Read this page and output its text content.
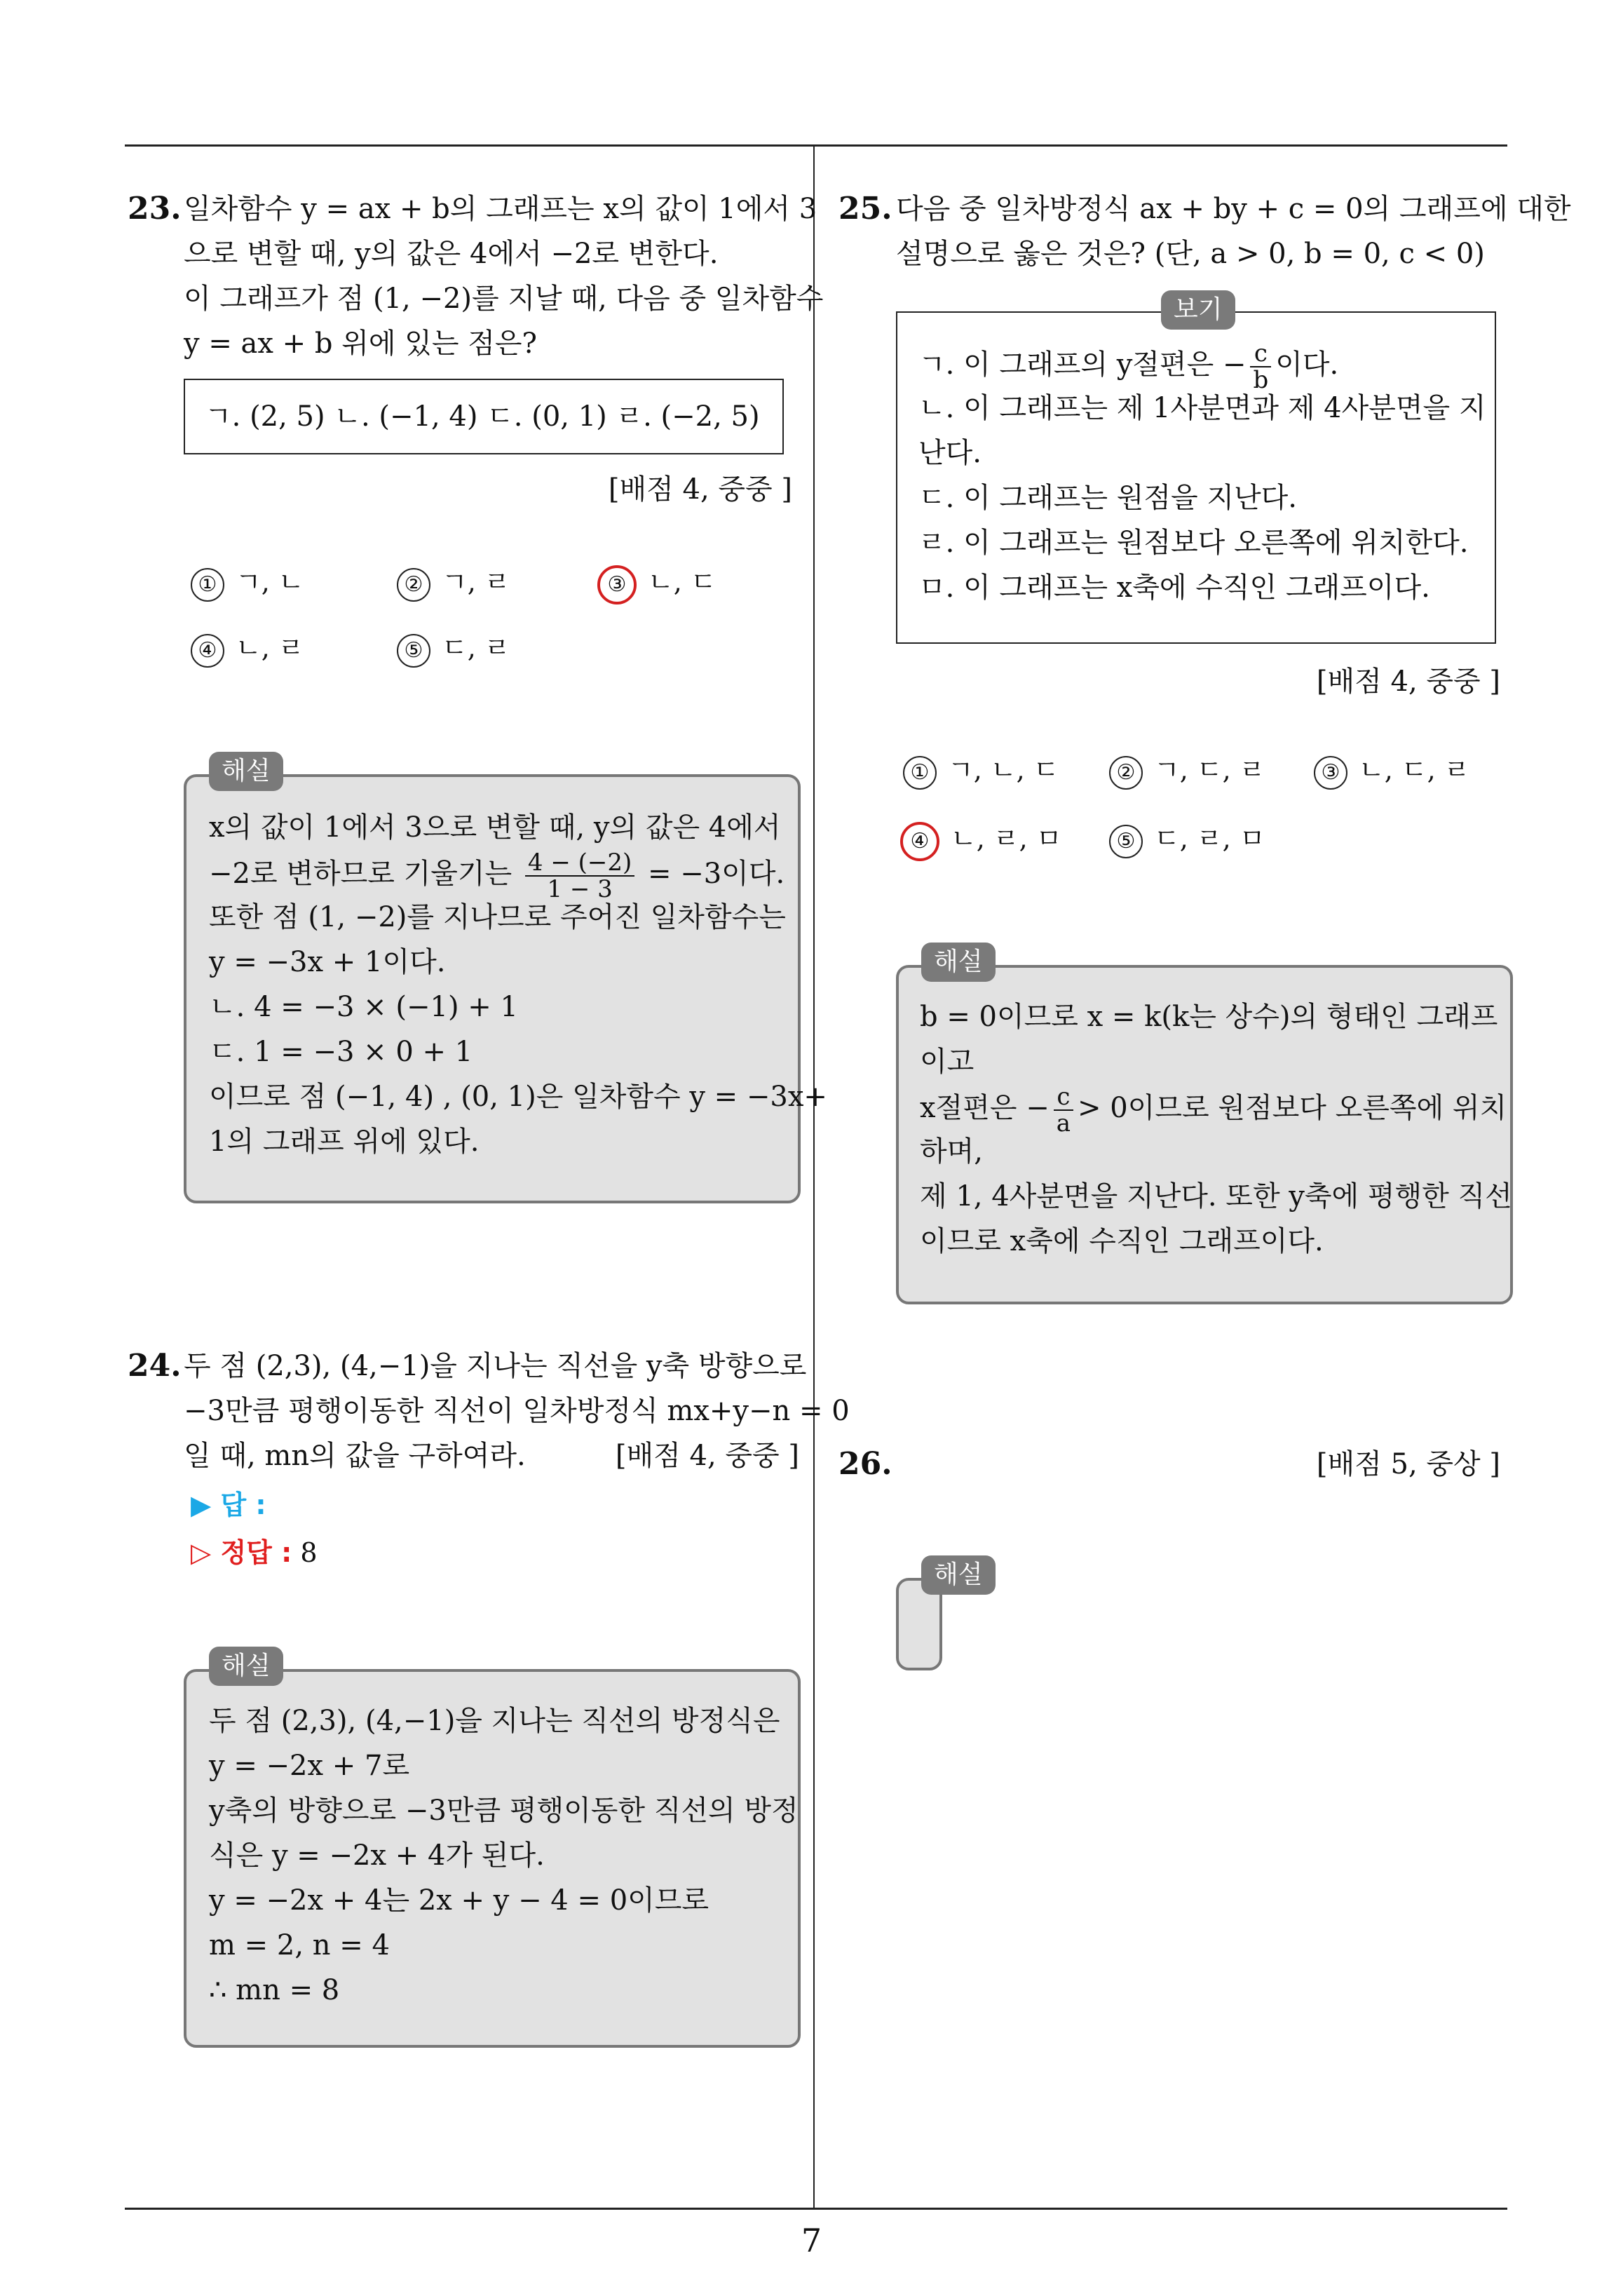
23. 일차함수 y = ax + b의 그래프는 x의 값이 1에서 3
으로 변할 때, y의 값은 4에서 −2로 변한다.
이 그래프가 점 (1, −2)를 지날 때, 다음 중 일차함수
y = ax + b 위에 있는 점은?
ㄱ. (2, 5) ㄴ. (−1, 4) ㄷ. (0, 1) ㄹ. (−2, 5)
[배점 4, 중중 ]
① ㄱ, ㄴ	② ㄱ, ㄹ	③ ㄴ, ㄷ
④ ㄴ, ㄹ	⑤ ㄷ, ㄹ
x의 값이 1에서 3으로 변할 때, y의 값은 4에서
−2로 변하므로 기울기는 $\frac{4 - (-2)}{1 - 3} = -3$이다.
또한 점 (1, −2)를 지나므로 주어진 일차함수는
y = −3x + 1이다.
ㄴ. 4 = −3 × (−1) + 1
ㄷ. 1 = −3 × 0 + 1
이므로 점 (−1, 4) , (0, 1)은 일차함수 y = −3x+
1의 그래프 위에 있다.
해설
24. 두 점 (2,3), (4,−1)을 지나는 직선을 y축 방향으로
−3만큼 평행이동한 직선이 일차방정식 mx+y−n = 0
일 때, mn의 값을 구하여라.	[배점 4, 중중 ]
▶ 답 :
▷ 정답 : 8
두 점 (2,3), (4,−1)을 지나는 직선의 방정식은
y = −2x + 7로
y축의 방향으로 −3만큼 평행이동한 직선의 방정
식은 y = −2x + 4가 된다.
y = −2x + 4는 2x + y − 4 = 0이므로
m = 2, n = 4
∴ mn = 8
해설
25. 다음 중 일차방정식 ax + by + c = 0의 그래프에 대한
설명으로 옳은 것은? (단, a > 0, b = 0, c < 0)
ㄱ. 이 그래프의 y절편은 − $\frac{c}{b}$ 이다.
ㄴ. 이 그래프는 제 1사분면과 제 4사분면을 지
난다.
ㄷ. 이 그래프는 원점을 지난다.
ㄹ. 이 그래프는 원점보다 오른쪽에 위치한다.
ㅁ. 이 그래프는 x축에 수직인 그래프이다.
보기
[배점 4, 중중 ]
① ㄱ, ㄴ, ㄷ	② ㄱ, ㄷ, ㄹ	③ ㄴ, ㄷ, ㄹ
④ ㄴ, ㄹ, ㅁ	⑤ ㄷ, ㄹ, ㅁ
b = 0이므로 x = k(k는 상수)의 형태인 그래프
이고
x절편은 − $\frac{c}{a} > 0$이므로 원점보다 오른쪽에 위치
하며,
제 1, 4사분면을 지난다. 또한 y축에 평행한 직선
이므로 x축에 수직인 그래프이다.
해설
26.	[배점 5, 중상 ]
해설
7
